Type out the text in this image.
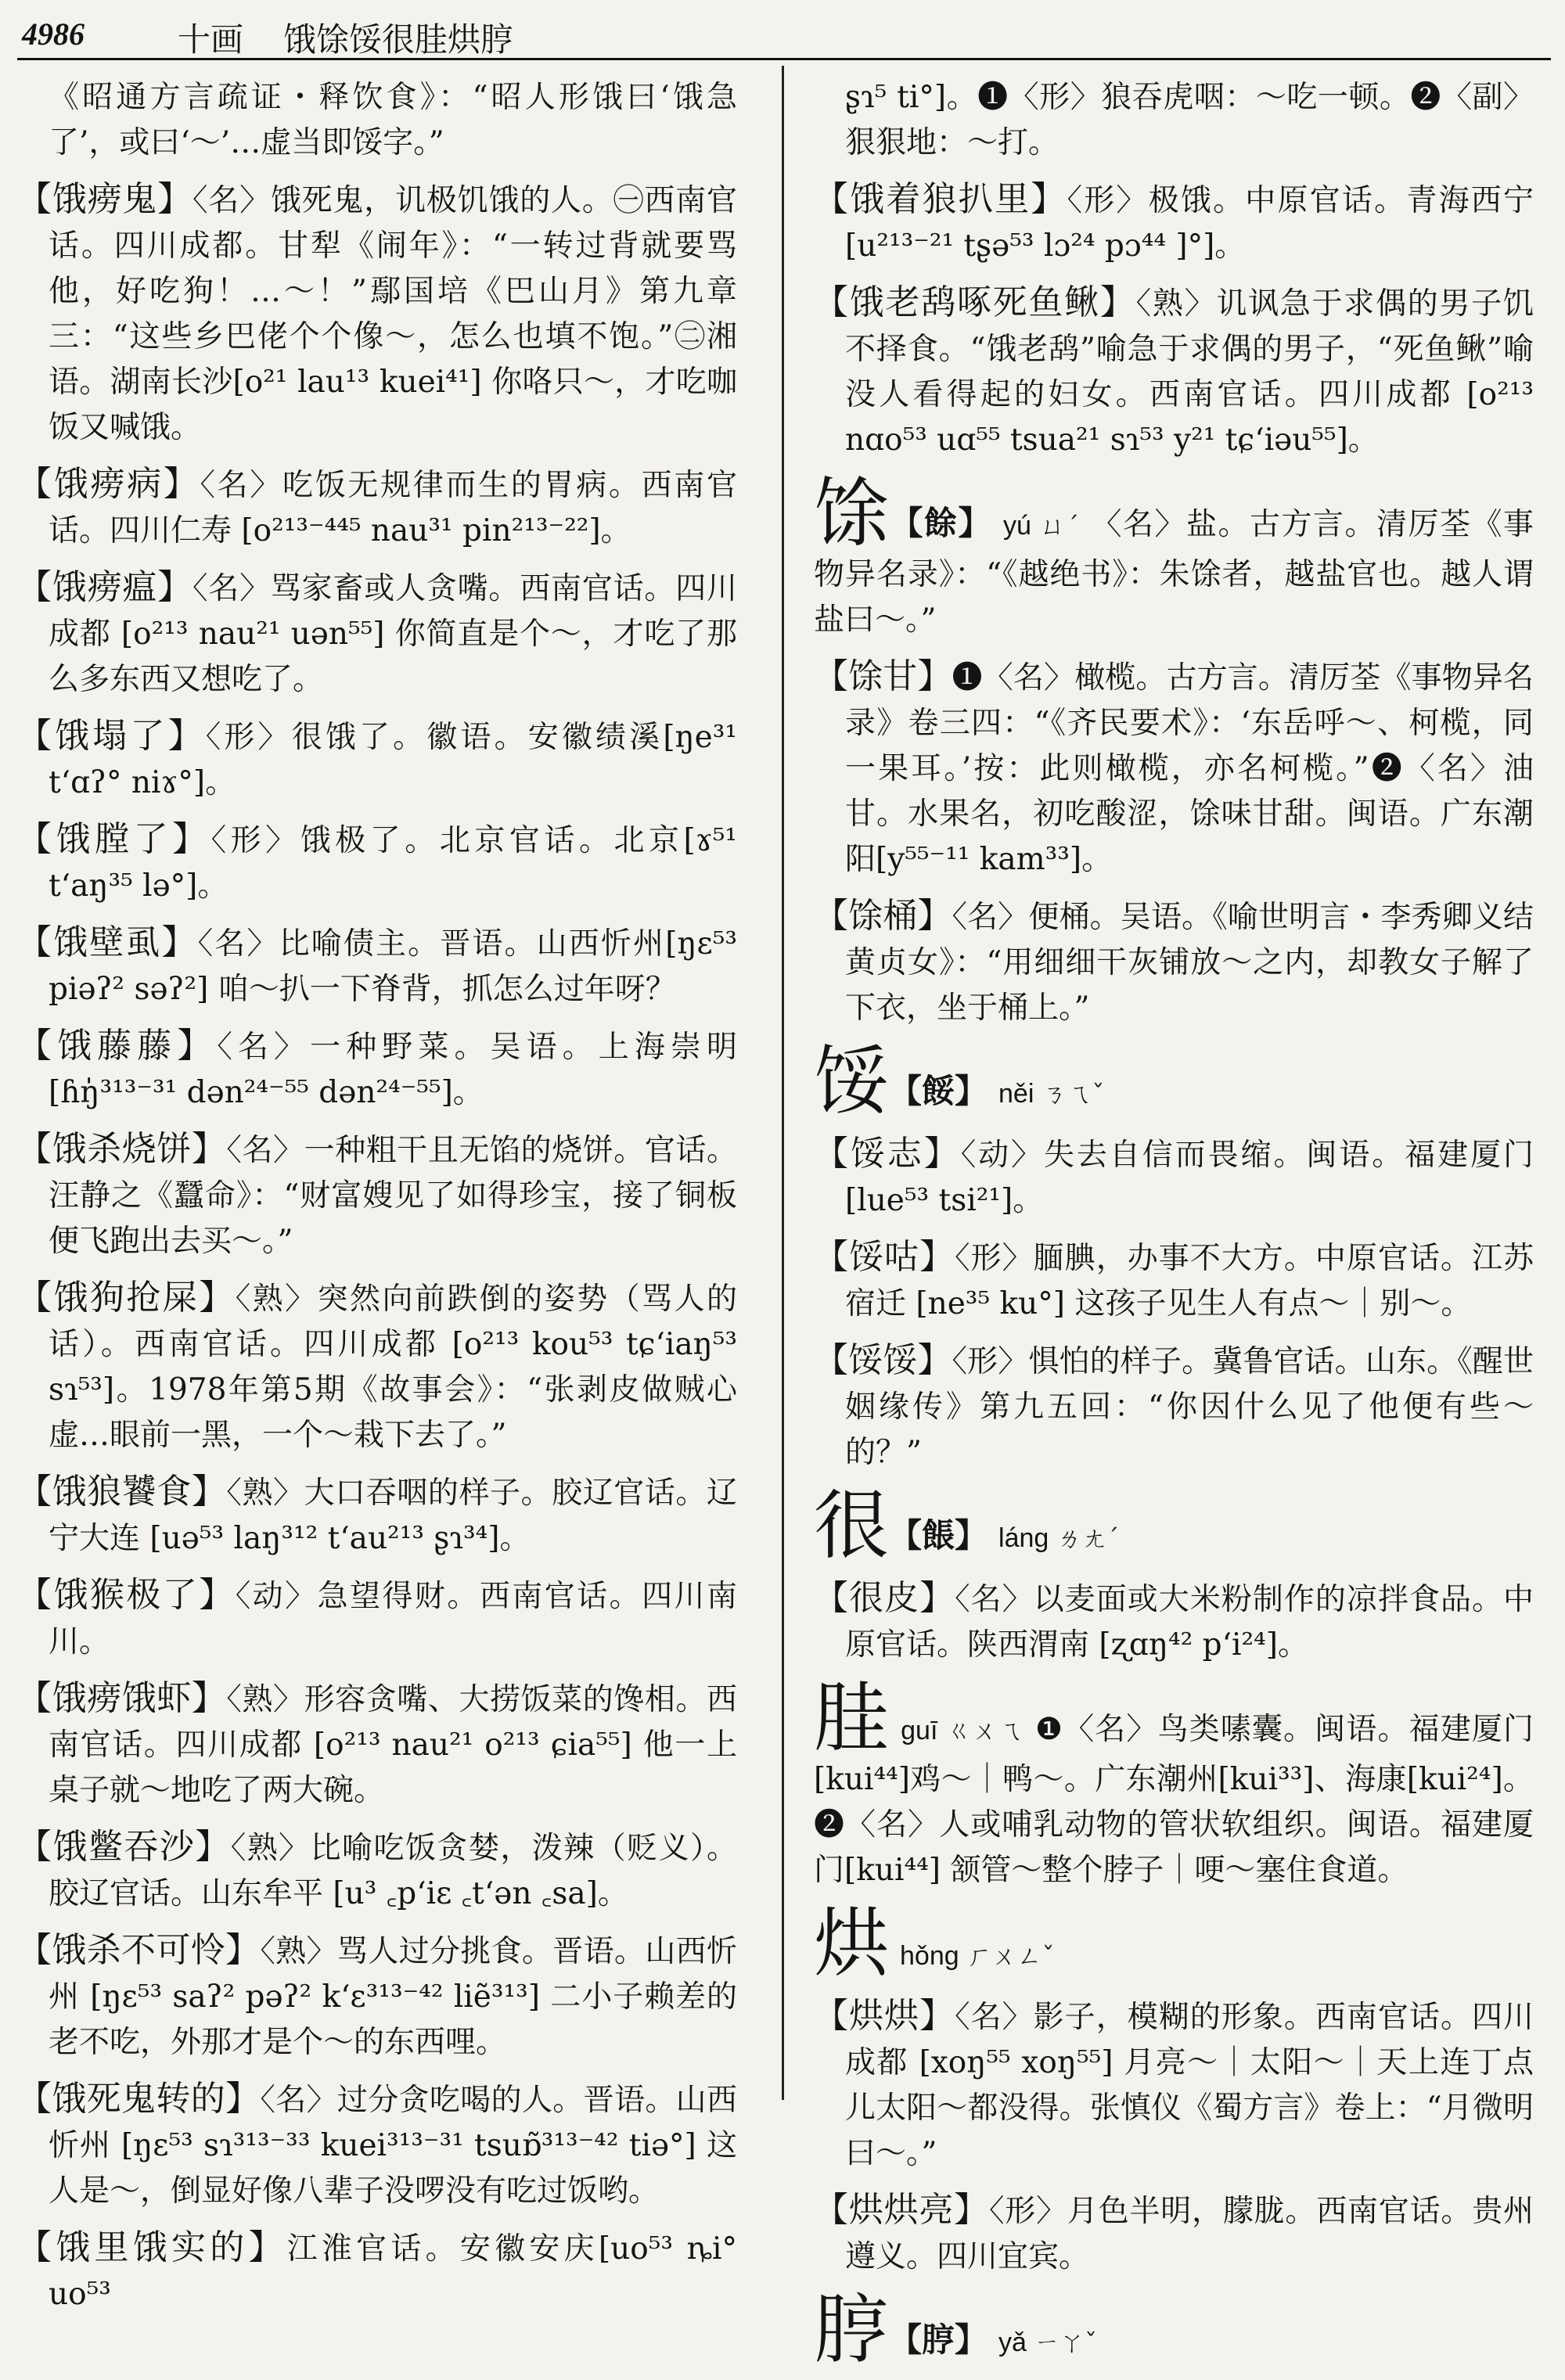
4986	十画 饿馀馁很胿烘脝

《昭通方言疏证・释饮食》：“昭人形饿曰‘饿急了’，或曰‘～’…虚当即馁字。”

【饿痨鬼】〈名〉饿死鬼，讥极饥饿的人。㊀西南官话。四川成都。甘犁《闹年》：“一转过背就要骂他，好吃狗！…～！”鄢国培《巴山月》第九章三：“这些乡巴佬个个像～，怎么也填不饱。”㊁湘语。湖南长沙[o²¹ lau¹³ kuei⁴¹] 你咯只～，才吃咖饭又喊饿。

【饿痨病】〈名〉吃饭无规律而生的胃病。西南官话。四川仁寿 [o²¹³⁻⁴⁴⁵ nau³¹ pin²¹³⁻²²]。

【饿痨瘟】〈名〉骂家畜或人贪嘴。西南官话。四川成都 [o²¹³ nau²¹ uən⁵⁵] 你简直是个～，才吃了那么多东西又想吃了。

【饿塌了】〈形〉很饿了。徽语。安徽绩溪[ŋe³¹ tʻɑʔ° niɤ°]。

【饿膛了】〈形〉饿极了。北京官话。北京[ɤ⁵¹ tʻaŋ³⁵ lə°]。

【饿壁虱】〈名〉比喻债主。晋语。山西忻州[ŋɛ⁵³ piəʔ² səʔ²] 咱～扒一下脊背，抓怎么过年呀？

【饿藤藤】〈名〉一种野菜。吴语。上海崇明[ɦŋ̍³¹³⁻³¹ dən²⁴⁻⁵⁵ dən²⁴⁻⁵⁵]。

【饿杀烧饼】〈名〉一种粗干且无馅的烧饼。官话。汪静之《蠶命》：“财富嫂见了如得珍宝，接了铜板便飞跑出去买～。”

【饿狗抢屎】〈熟〉突然向前跌倒的姿势（骂人的话）。西南官话。四川成都 [o²¹³ kou⁵³ tɕʻiaŋ⁵³ sɿ⁵³]。1978年第5期《故事会》：“张剥皮做贼心虚…眼前一黑，一个～栽下去了。”

【饿狼饕食】〈熟〉大口吞咽的样子。胶辽官话。辽宁大连 [uə⁵³ laŋ³¹² tʻau²¹³ ʂɿ³⁴]。

【饿猴极了】〈动〉急望得财。西南官话。四川南川。

【饿痨饿虾】〈熟〉形容贪嘴、大捞饭菜的馋相。西南官话。四川成都 [o²¹³ nau²¹ o²¹³ ɕia⁵⁵] 他一上桌子就～地吃了两大碗。

【饿鳖吞沙】〈熟〉比喻吃饭贪婪，泼辣（贬义）。胶辽官话。山东牟平 [u³ ꜀pʻiɛ ꜀tʻən ꜀sa]。

【饿杀不可怜】〈熟〉骂人过分挑食。晋语。山西忻州 [ŋɛ⁵³ saʔ² pəʔ² kʻɛ³¹³⁻⁴² liẽ³¹³] 二小子赖差的老不吃，外那才是个～的东西哩。

【饿死鬼转的】〈名〉过分贪吃喝的人。晋语。山西忻州 [ŋɛ⁵³ sɿ³¹³⁻³³ kuei³¹³⁻³¹ tsuɒ̃³¹³⁻⁴² tiə°] 这人是～，倒显好像八辈子没啰没有吃过饭哟。

【饿里饿实的】江淮官话。安徽安庆[uo⁵³ ȵi° uo⁵³

ʂɿ⁵ ti°]。❶〈形〉狼吞虎咽：～吃一顿。❷〈副〉狠狠地：～打。

【饿着狼扒里】〈形〉极饿。中原官话。青海西宁 [u²¹³⁻²¹ tʂə⁵³ lɔ²⁴ pɔ⁴⁴ ]°]。

【饿老鸹啄死鱼鳅】〈熟〉讥讽急于求偶的男子饥不择食。“饿老鸹”喻急于求偶的男子，“死鱼鳅”喻没人看得起的妇女。西南官话。四川成都 [o²¹³ nɑo⁵³ uɑ⁵⁵ tsua²¹ sɿ⁵³ y²¹ tɕʻiəu⁵⁵]。

馀【餘】 yú ㄩˊ 〈名〉盐。古方言。清厉荃《事物异名录》：“《越绝书》：朱馀者，越盐官也。越人谓盐曰～。”

【馀甘】❶〈名〉橄榄。古方言。清厉荃《事物异名录》卷三四：“《齐民要术》：‘东岳呼～、柯榄，同一果耳。’按：此则橄榄，亦名柯榄。”❷〈名〉油甘。水果名，初吃酸涩，馀味甘甜。闽语。广东潮阳[y⁵⁵⁻¹¹ kam³³]。

【馀桶】〈名〉便桶。吴语。《喻世明言・李秀卿义结黄贞女》：“用细细干灰铺放～之内，却教女子解了下衣，坐于桶上。”

馁【餒】 něi ㄋㄟˇ

【馁志】〈动〉失去自信而畏缩。闽语。福建厦门 [lue⁵³ tsi²¹]。

【馁咕】〈形〉腼腆，办事不大方。中原官话。江苏宿迁 [ne³⁵ ku°] 这孩子见生人有点～｜别～。

【馁馁】〈形〉惧怕的样子。冀鲁官话。山东。《醒世姻缘传》第九五回：“你因什么见了他便有些～的？”

很【餦】 láng ㄌㄤˊ

【很皮】〈名〉以麦面或大米粉制作的凉拌食品。中原官话。陕西渭南 [ʐɑŋ⁴² pʻi²⁴]。

胿guī ㄍㄨㄟ ❶〈名〉鸟类嗉囊。闽语。福建厦门[kui⁴⁴]鸡～｜鸭～。广东潮州[kui³³]、海康[kui²⁴]。❷〈名〉人或哺乳动物的管状软组织。闽语。福建厦门[kui⁴⁴] 颔管～整个脖子｜哽～塞住食道。

烘hǒng ㄏㄨㄥˇ

【烘烘】〈名〉影子，模糊的形象。西南官话。四川成都 [xoŋ⁵⁵ xoŋ⁵⁵] 月亮～｜太阳～｜天上连丁点儿太阳～都没得。张慎仪《蜀方言》卷上：“月微明曰～。”

【烘烘亮】〈形〉月色半明，朦胧。西南官话。贵州遵义。四川宜宾。

脝【脝】 yǎ ㄧㄚˇ
